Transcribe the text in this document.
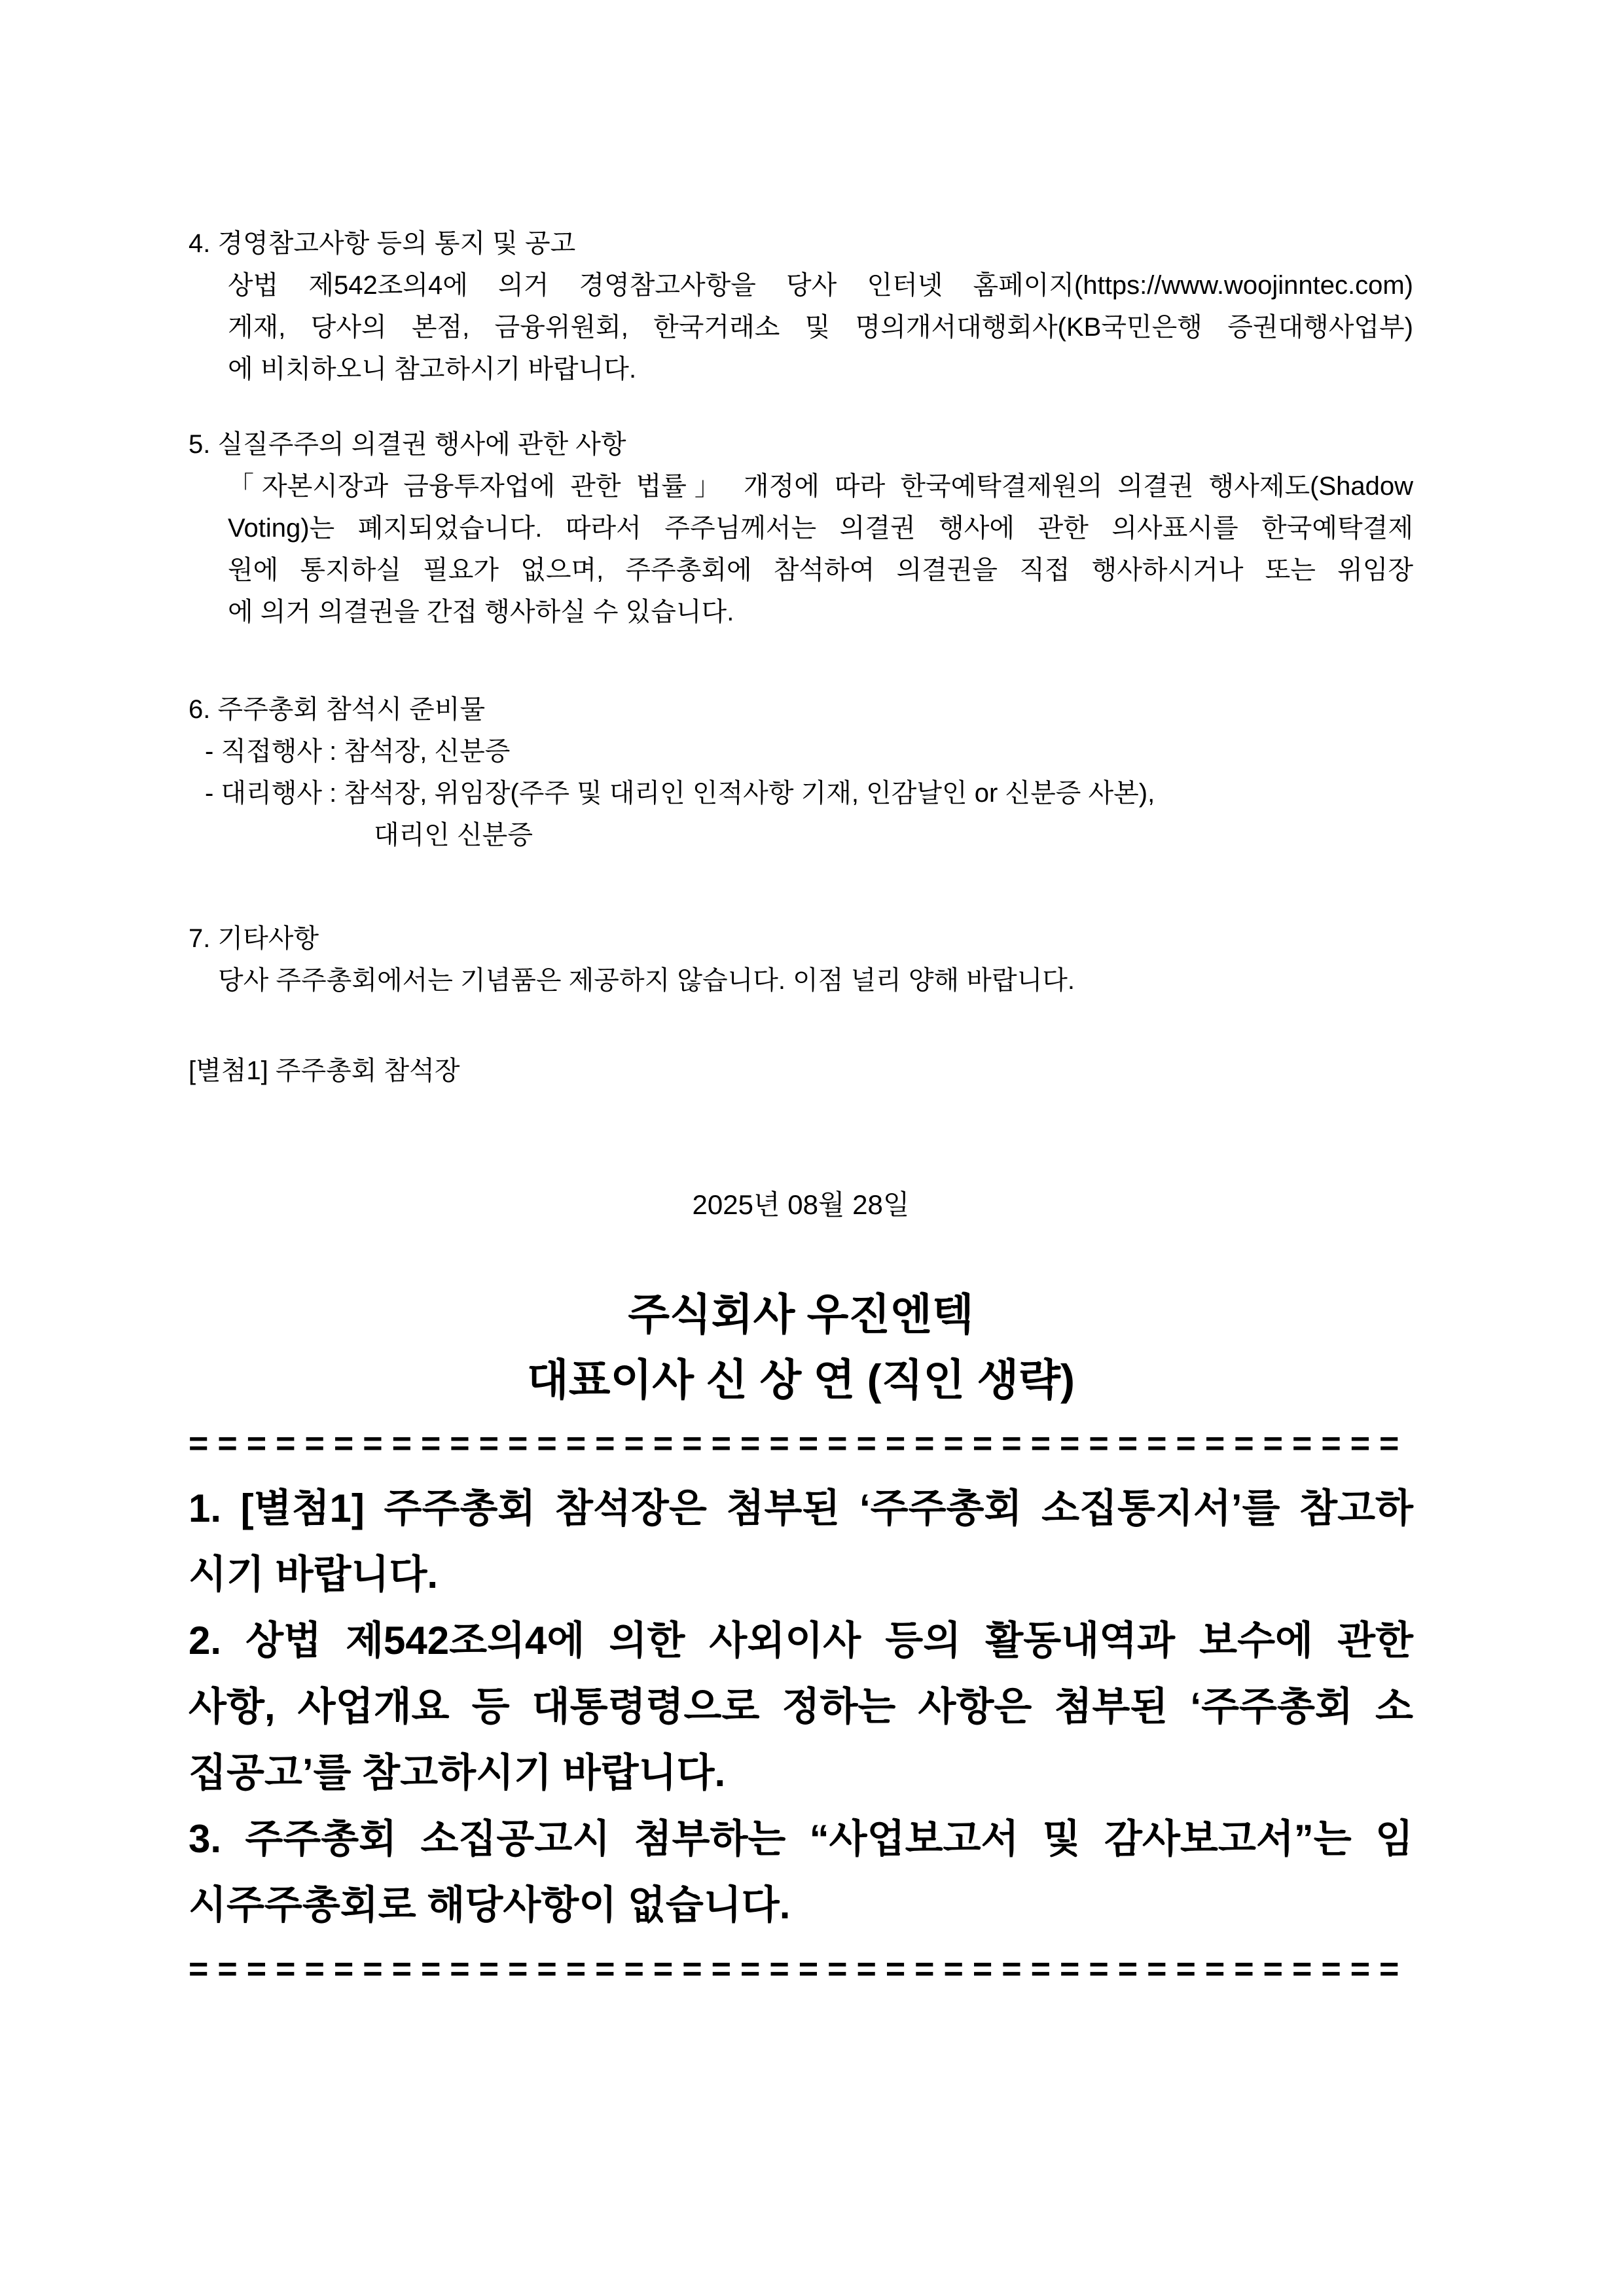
4. 경영참고사항 등의 통지 및 공고
상법 제542조의4에 의거 경영참고사항을 당사 인터넷 홈페이지(https://www.woojinntec.com)
게재, 당사의 본점, 금융위원회, 한국거래소 및 명의개서대행회사(KB국민은행 증권대행사업부)
에 비치하오니 참고하시기 바랍니다.
5. 실질주주의 의결권 행사에 관한 사항
「자본시장과 금융투자업에 관한 법률」 개정에 따라 한국예탁결제원의 의결권 행사제도(Shadow
Voting)는 폐지되었습니다. 따라서 주주님께서는 의결권 행사에 관한 의사표시를 한국예탁결제
원에 통지하실 필요가 없으며, 주주총회에 참석하여 의결권을 직접 행사하시거나 또는 위임장
에 의거 의결권을 간접 행사하실 수 있습니다.
6. 주주총회 참석시 준비물
- 직접행사 : 참석장, 신분증
- 대리행사 : 참석장, 위임장(주주 및 대리인 인적사항 기재, 인감날인 or 신분증 사본),
대리인 신분증
7. 기타사항
당사 주주총회에서는 기념품은 제공하지 않습니다. 이점 널리 양해 바랍니다.
[별첨1] 주주총회 참석장
2025년 08월 28일
주식회사 우진엔텍
대표이사 신 상 연 (직인 생략)
==========================================
1. [별첨1] 주주총회 참석장은 첨부된 ‘주주총회 소집통지서’를 참고하
시기 바랍니다.
2. 상법 제542조의4에 의한 사외이사 등의 활동내역과 보수에 관한
사항, 사업개요 등 대통령령으로 정하는 사항은 첨부된 ‘주주총회 소
집공고’를 참고하시기 바랍니다.
3. 주주총회 소집공고시 첨부하는 “사업보고서 및 감사보고서”는 임
시주주총회로 해당사항이 없습니다.
==========================================
